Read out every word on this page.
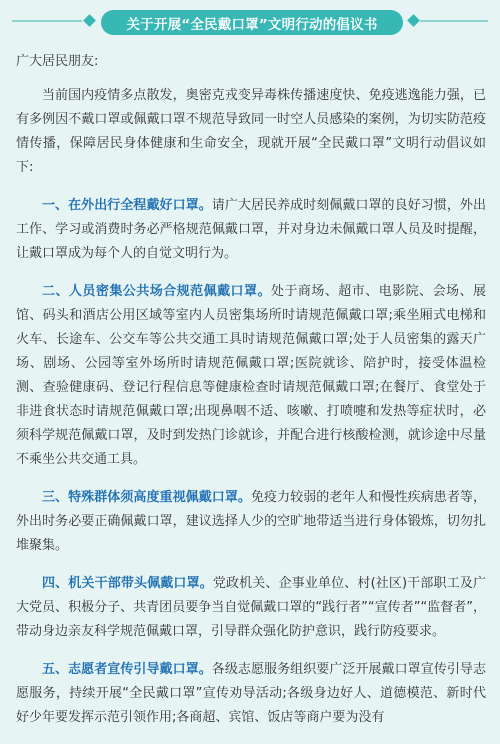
关于开展“全民戴口罩”文明行动的倡议书

广大居民朋友:

当前国内疫情多点散发，奥密克戎变异毒株传播速度快、免疫逃逸能力强，已有多例因不戴口罩或佩戴口罩不规范导致同一时空人员感染的案例，为切实防范疫情传播，保障居民身体健康和生命安全，现就开展“全民戴口罩”文明行动倡议如下:

一、在外出行全程戴好口罩。请广大居民养成时刻佩戴口罩的良好习惯，外出工作、学习或消费时务必严格规范佩戴口罩，并对身边未佩戴口罩人员及时提醒，让戴口罩成为每个人的自觉文明行为。

二、人员密集公共场合规范佩戴口罩。处于商场、超市、电影院、会场、展馆、码头和酒店公用区域等室内人员密集场所时请规范佩戴口罩;乘坐厢式电梯和火车、长途车、公交车等公共交通工具时请规范佩戴口罩;处于人员密集的露天广场、剧场、公园等室外场所时请规范佩戴口罩;医院就诊、陪护时，接受体温检测、查验健康码、登记行程信息等健康检查时请规范佩戴口罩;在餐厅、食堂处于非进食状态时请规范佩戴口罩;出现鼻咽不适、咳嗽、打喷嚏和发热等症状时，必须科学规范佩戴口罩，及时到发热门诊就诊，并配合进行核酸检测，就诊途中尽量不乘坐公共交通工具。

三、特殊群体须高度重视佩戴口罩。免疫力较弱的老年人和慢性疾病患者等，外出时务必要正确佩戴口罩，建议选择人少的空旷地带适当进行身体锻炼，切勿扎堆聚集。

四、机关干部带头佩戴口罩。党政机关、企事业单位、村(社区)干部职工及广大党员、积极分子、共青团员要争当自觉佩戴口罩的“践行者”“宣传者”“监督者”，带动身边亲友科学规范佩戴口罩，引导群众强化防护意识，践行防疫要求。

五、志愿者宣传引导戴口罩。各级志愿服务组织要广泛开展戴口罩宣传引导志愿服务，持续开展“全民戴口罩”宣传劝导活动;各级身边好人、道德模范、新时代好少年要发挥示范引领作用;各商超、宾馆、饭店等商户要为没有
